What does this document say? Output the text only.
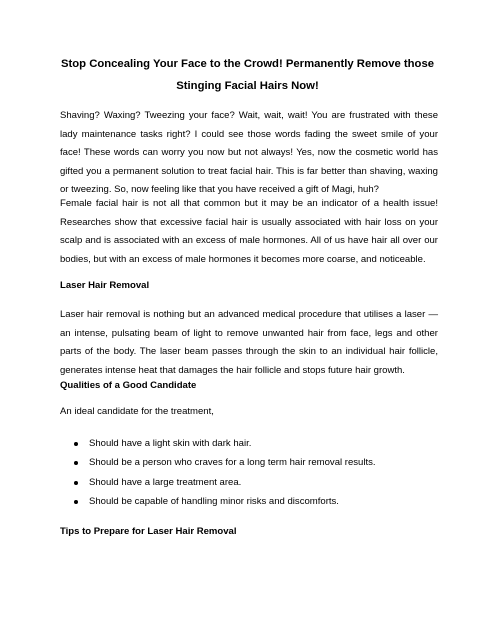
Stop Concealing Your Face to the Crowd! Permanently Remove those
Stinging Facial Hairs Now!

Shaving? Waxing? Tweezing your face? Wait, wait, wait! You are frustrated with these lady maintenance tasks right? I could see those words fading the sweet smile of your face! These words can worry you now but not always! Yes, now the cosmetic world has gifted you a permanent solution to treat facial hair. This is far better than shaving, waxing or tweezing. So, now feeling like that you have received a gift of Magi, huh?

Female facial hair is not all that common but it may be an indicator of a health issue! Researches show that excessive facial hair is usually associated with hair loss on your scalp and is associated with an excess of male hormones. All of us have hair all over our bodies, but with an excess of male hormones it becomes more coarse, and noticeable.

Laser Hair Removal

Laser hair removal is nothing but an advanced medical procedure that utilises a laser — an intense, pulsating beam of light to remove unwanted hair from face, legs and other parts of the body. The laser beam passes through the skin to an individual hair follicle, generates intense heat that damages the hair follicle and stops future hair growth.

Qualities of a Good Candidate

An ideal candidate for the treatment,

Should have a light skin with dark hair.
Should be a person who craves for a long term hair removal results.
Should have a large treatment area.
Should be capable of handling minor risks and discomforts.
Tips to Prepare for Laser Hair Removal
